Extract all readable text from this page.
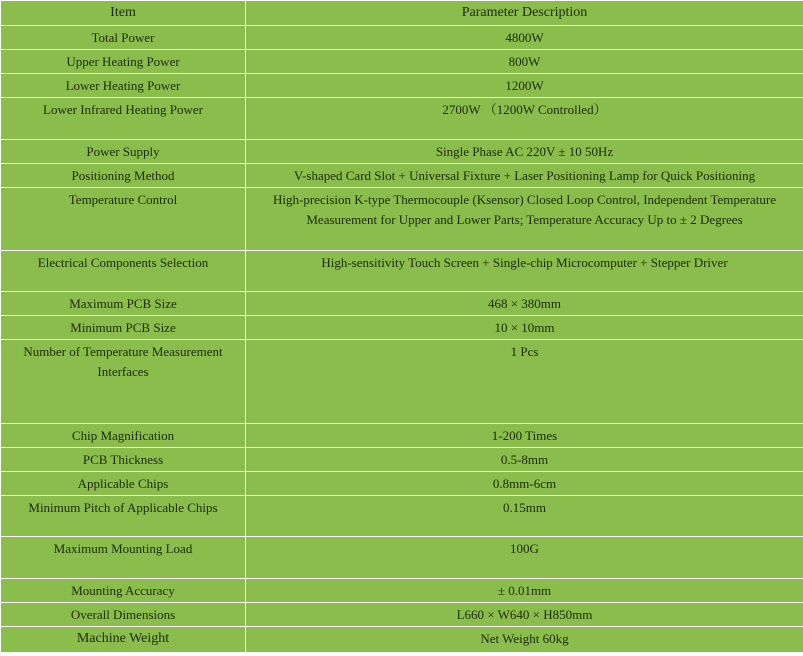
Item	Parameter Description
Total Power	4800W
Upper Heating Power	800W
Lower Heating Power	1200W
Lower Infrared Heating Power	2700W （1200W Controlled）
Power Supply	Single Phase AC 220V ± 10 50Hz
Positioning Method	V-shaped Card Slot + Universal Fixture + Laser Positioning Lamp for Quick Positioning
Temperature Control	High-precision K-type Thermocouple (Ksensor) Closed Loop Control, Independent Temperature Measurement for Upper and Lower Parts; Temperature Accuracy Up to ± 2 Degrees
Electrical Components Selection	High-sensitivity Touch Screen + Single-chip Microcomputer + Stepper Driver
Maximum PCB Size	468 × 380mm
Minimum PCB Size	10 × 10mm
Number of Temperature Measurement Interfaces	1 Pcs
Chip Magnification	1-200 Times
PCB Thickness	0.5-8mm
Applicable Chips	0.8mm-6cm
Minimum Pitch of Applicable Chips	0.15mm
Maximum Mounting Load	100G
Mounting Accuracy	± 0.01mm
Overall Dimensions	L660 × W640 × H850mm
Machine Weight	Net Weight 60kg
